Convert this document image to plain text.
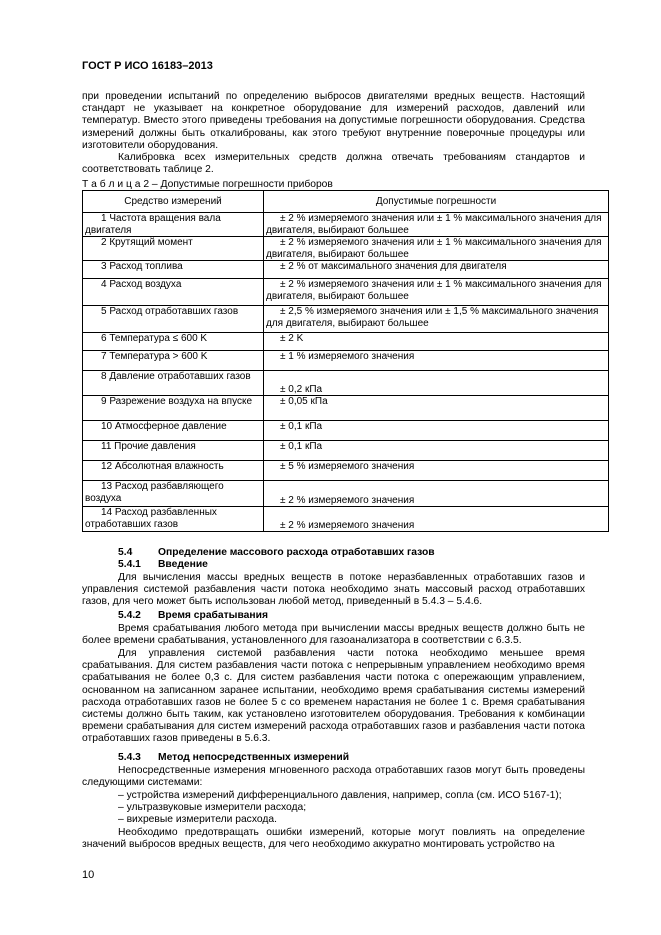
ГОСТ Р ИСО 16183–2013

при проведении испытаний по определению выбросов двигателями вредных веществ. Настоящий стандарт не указывает на конкретное оборудование для измерений расходов, давлений или температур. Вместо этого приведены требования на допустимые погрешности оборудования. Средства измерений должны быть откалиброваны, как этого требуют внутренние поверочные процедуры или изготовители оборудования.

Калибровка всех измерительных средств должна отвечать требованиям стандартов и соответствовать таблице 2.

Т а б л и ц а 2 – Допустимые погрешности приборов
Средство измерений	Допустимые погрешности
1 Частота вращения вала двигателя	± 2 % измеряемого значения или ± 1 % максимального значения для двигателя, выбирают большее
2 Крутящий момент	± 2 % измеряемого значения или ± 1 % максимального значения для двигателя, выбирают большее
3 Расход топлива	± 2 % от максимального значения для двигателя
4 Расход воздуха	± 2 % измеряемого значения или ± 1 % максимального значения для двигателя, выбирают большее
5 Расход отработавших газов	± 2,5 % измеряемого значения или ± 1,5 % максимального значения для двигателя, выбирают большее
6 Температура ≤ 600 K	± 2 K
7 Температура > 600 K	± 1 % измеряемого значения
8 Давление отработавших газов	± 0,2 кПа
9 Разрежение воздуха на впуске	± 0,05 кПа
10 Атмосферное давление	± 0,1 кПа
11 Прочие давления	± 0,1 кПа
12 Абсолютная влажность	± 5 % измеряемого значения
13 Расход разбавляющего воздуха	± 2 % измеряемого значения
14 Расход разбавленных отработавших газов	± 2 % измеряемого значения
5.4 Определение массового расхода отработавших газов
5.4.1 Введение

Для вычисления массы вредных веществ в потоке неразбавленных отработавших газов и управления системой разбавления части потока необходимо знать массовый расход отработавших газов, для чего может быть использован любой метод, приведенный в 5.4.3 – 5.4.6.

5.4.2 Время срабатывания

Время срабатывания любого метода при вычислении массы вредных веществ должно быть не более времени срабатывания, установленного для газоанализатора в соответствии с 6.3.5.

Для управления системой разбавления части потока необходимо меньшее время срабатывания. Для систем разбавления части потока с непрерывным управлением необходимо время срабатывания не более 0,3 с. Для систем разбавления части потока с опережающим управлением, основанном на записанном заранее испытании, необходимо время срабатывания системы измерений расхода отработавших газов не более 5 с со временем нарастания не более 1 с. Время срабатывания системы должно быть таким, как установлено изготовителем оборудования. Требования к комбинации времени срабатывания для систем измерений расхода отработавших газов и разбавления части потока отработавших газов приведены в 5.6.3.

5.4.3 Метод непосредственных измерений

Непосредственные измерения мгновенного расхода отработавших газов могут быть проведены следующими системами:

– устройства измерений дифференциального давления, например, сопла (см. ИСО 5167-1);

– ультразвуковые измерители расхода;

– вихревые измерители расхода.

Необходимо предотвращать ошибки измерений, которые могут повлиять на определение значений выбросов вредных веществ, для чего необходимо аккуратно монтировать устройство на

10
